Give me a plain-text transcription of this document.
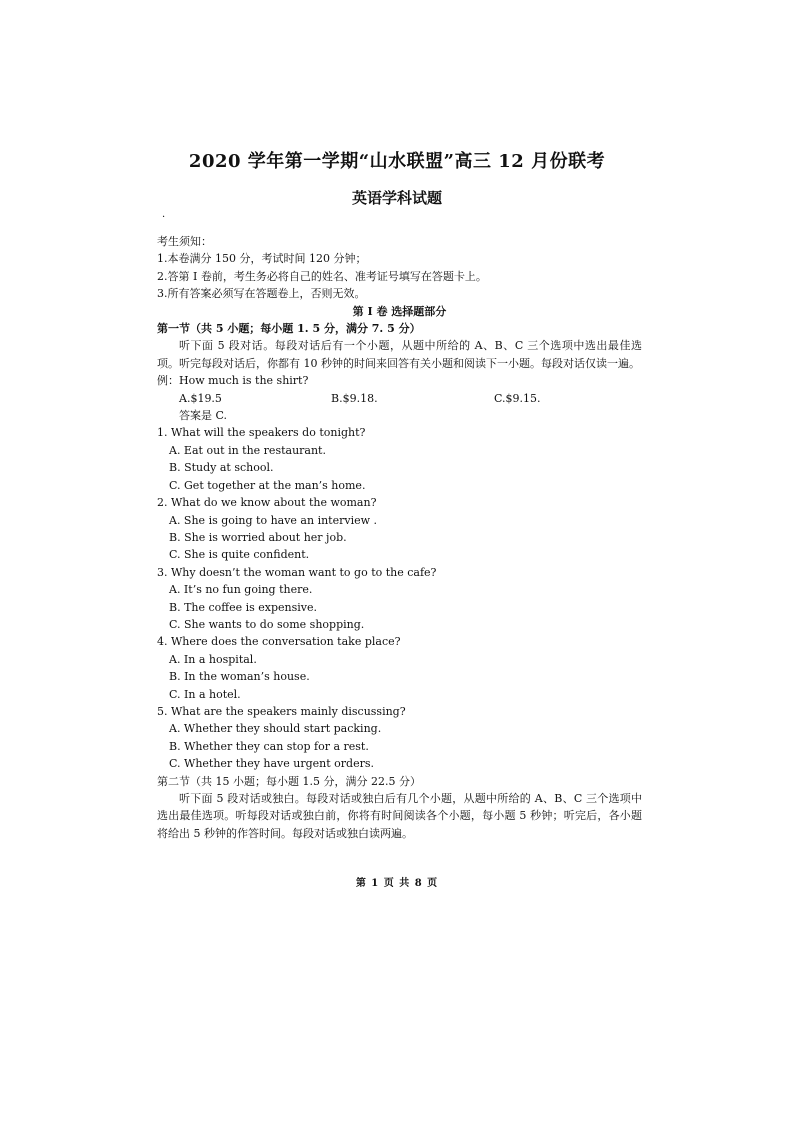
2020 学年第一学期“山水联盟”高三 12 月份联考
英语学科试题
·
考生须知：
1.本卷满分 150 分，考试时间 120 分钟；
2.答第 I 卷前，考生务必将自己的姓名、准考证号填写在答题卡上。
3.所有答案必须写在答题卷上，否则无效。
第 I 卷 选择题部分
第一节（共 5 小题；每小题 1. 5 分，满分 7. 5 分）
听下面 5 段对话。每段对话后有一个小题，从题中所给的 A、B、C 三个选项中选出最佳选项。听完每段对话后，你都有 10 秒钟的时间来回答有关小题和阅读下一小题。每段对话仅读一遍。
例：How much is the shirt?
A.$19.5	B.$9.18.	C.$9.15.
答案是 C.
1. What will the speakers do tonight?
A. Eat out in the restaurant.
B. Study at school.
C. Get together at the man’s home.
2. What do we know about the woman?
A. She is going to have an interview .
B. She is worried about her job.
C. She is quite confident.
3. Why doesn’t the woman want to go to the cafe?
A. It’s no fun going there.
B. The coffee is expensive.
C. She wants to do some shopping.
4. Where does the conversation take place?
A. In a hospital.
B. In the woman’s house.
C. In a hotel.
5. What are the speakers mainly discussing?
A. Whether they should start packing.
B. Whether they can stop for a rest.
C. Whether they have urgent orders.
第二节（共 15 小题；每小题 1.5 分，满分 22.5 分）
听下面 5 段对话或独白。每段对话或独白后有几个小题，从题中所给的 A、B、C 三个选项中选出最佳选项。听每段对话或独白前，你将有时间阅读各个小题，每小题 5 秒钟；听完后，各小题将给出 5 秒钟的作答时间。每段对话或独白读两遍。
第 1 页 共 8 页
